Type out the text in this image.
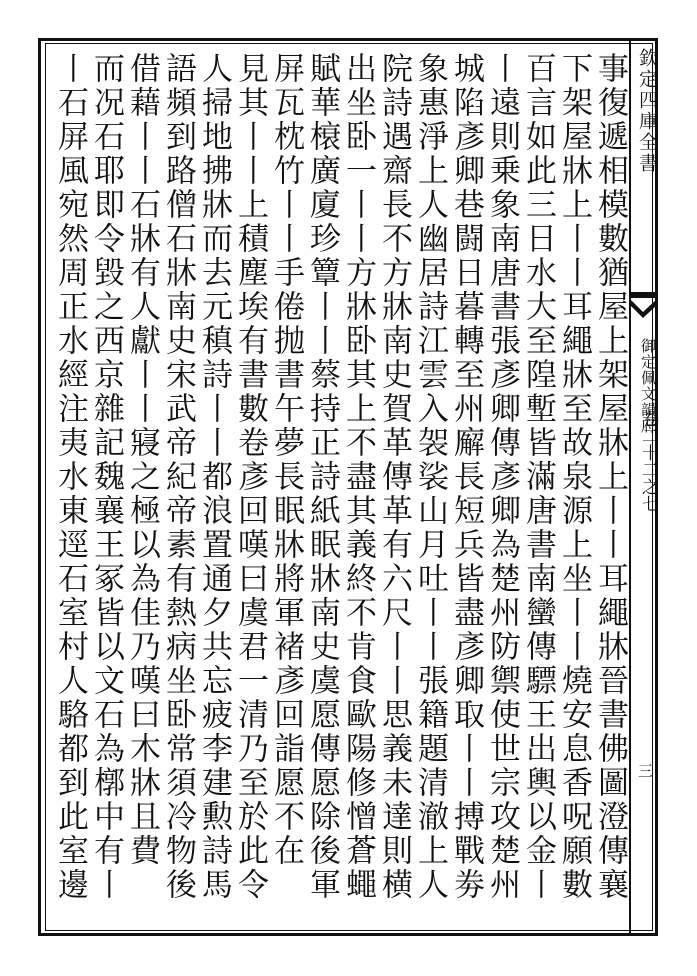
欽定四庫全書
御定佩文韻府
卷二十二之七
三
事復遞相模數猶屋上架屋牀上丨丨耳繩牀晉書佛圖澄傳襄
下架屋牀上丨丨耳繩牀至故泉源上坐丨丨燒安息香呪願數
百言如此三日水大至隍塹皆滿唐書南蠻傳驃王出輿以金丨
丨遠則乗象南唐書張彥卿傳彥卿為楚州防禦使世宗攻楚州
城陷彥卿巷闘日暮轉至州廨長短兵皆盡彥卿取丨丨搏戰劵
象惠淨上人幽居詩江雲入袈裟山月吐丨丨張籍題清澈上人
院詩遇齋長不方牀南史賀革傳革有六尺丨丨思義未達則横
出坐卧一丨丨方牀卧其上不盡其義終不肯食歐陽修憎蒼蠅
賦華榱廣廈珍簟丨丨蔡持正詩紙眠牀南史虞愿傳愿除後軍
屏瓦枕竹丨丨手倦抛書午夢長眠牀將軍褚彥回詣愿不在
見其丨丨上積塵埃有書數卷彥回嘆曰虞君一清乃至於此令
人掃地拂牀而去元稹詩丨丨都浪置通夕共忘疲李建勲詩馬
語頻到路僧石牀南史宋武帝紀帝素有熱病坐卧常須冷物後
借藉丨丨石牀有人獻丨丨寢之極以為佳乃嘆曰木牀且費
而况石耶即令毀之西京雜記魏襄王冢皆以文石為槨中有丨
丨石屏風宛然周正水經注夷水東逕石室村人駱都到此室邊
